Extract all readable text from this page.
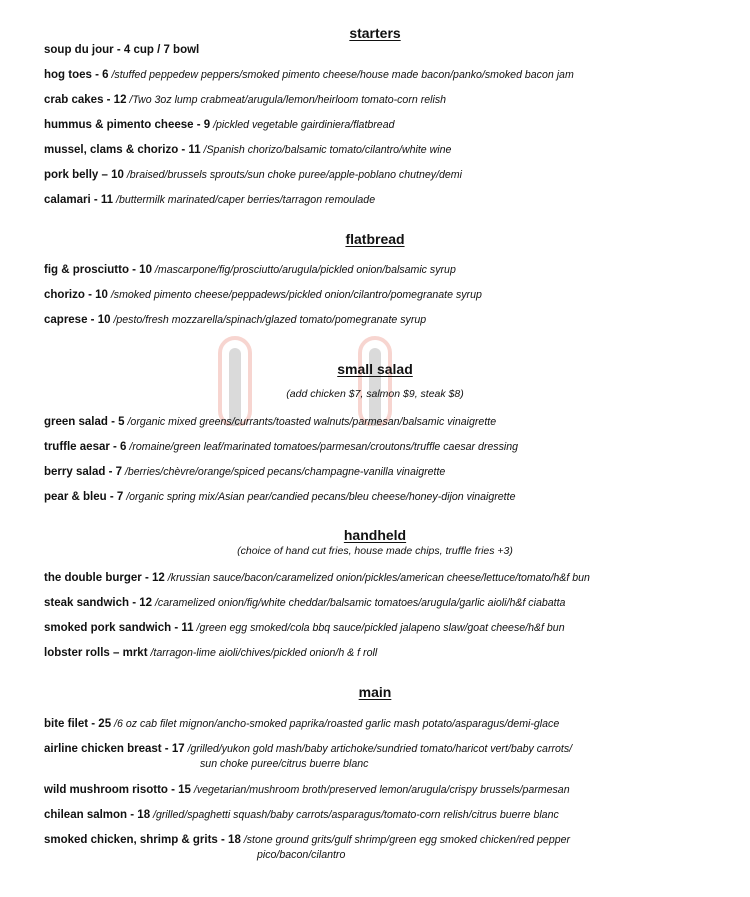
starters
soup du jour - 4 cup / 7 bowl
hog toes - 6 /stuffed peppedew peppers/smoked pimento cheese/house made bacon/panko/smoked bacon jam
crab cakes - 12 /Two 3oz lump crabmeat/arugula/lemon/heirloom tomato-corn relish
hummus & pimento cheese - 9 /pickled vegetable gairdiniera/flatbread
mussel, clams & chorizo - 11 /Spanish chorizo/balsamic tomato/cilantro/white wine
pork belly – 10 /braised/brussels sprouts/sun choke puree/apple-poblano chutney/demi
calamari - 11 /buttermilk marinated/caper berries/tarragon remoulade
flatbread
fig & prosciutto - 10 /mascarpone/fig/prosciutto/arugula/pickled onion/balsamic syrup
chorizo - 10 /smoked pimento cheese/peppadews/pickled onion/cilantro/pomegranate syrup
caprese - 10 /pesto/fresh mozzarella/spinach/glazed tomato/pomegranate syrup
small salad
(add chicken $7, salmon $9, steak $8)
green salad - 5 /organic mixed greens/currants/toasted walnuts/parmesan/balsamic vinaigrette
truffle aesar - 6 /romaine/green leaf/marinated tomatoes/parmesan/croutons/truffle caesar dressing
berry salad - 7 /berries/chèvre/orange/spiced pecans/champagne-vanilla vinaigrette
pear & bleu - 7 /organic spring mix/Asian pear/candied pecans/bleu cheese/honey-dijon vinaigrette
handheld
(choice of hand cut fries, house made chips, truffle fries +3)
the double burger - 12 /krussian sauce/bacon/caramelized onion/pickles/american cheese/lettuce/tomato/h&f bun
steak sandwich - 12 /caramelized onion/fig/white cheddar/balsamic tomatoes/arugula/garlic aioli/h&f ciabatta
smoked pork sandwich - 11 /green egg smoked/cola bbq sauce/pickled jalapeno slaw/goat cheese/h&f bun
lobster rolls – mrkt /tarragon-lime aioli/chives/pickled onion/h & f roll
main
bite filet - 25 /6 oz cab filet mignon/ancho-smoked paprika/roasted garlic mash potato/asparagus/demi-glace
airline chicken breast - 17 /grilled/yukon gold mash/baby artichoke/sundried tomato/haricot vert/baby carrots/
sun choke puree/citrus buerre blanc
wild mushroom risotto - 15 /vegetarian/mushroom broth/preserved lemon/arugula/crispy brussels/parmesan
chilean salmon - 18 /grilled/spaghetti squash/baby carrots/asparagus/tomato-corn relish/citrus buerre blanc
smoked chicken, shrimp & grits - 18 /stone ground grits/gulf shrimp/green egg smoked chicken/red pepper
pico/bacon/cilantro
